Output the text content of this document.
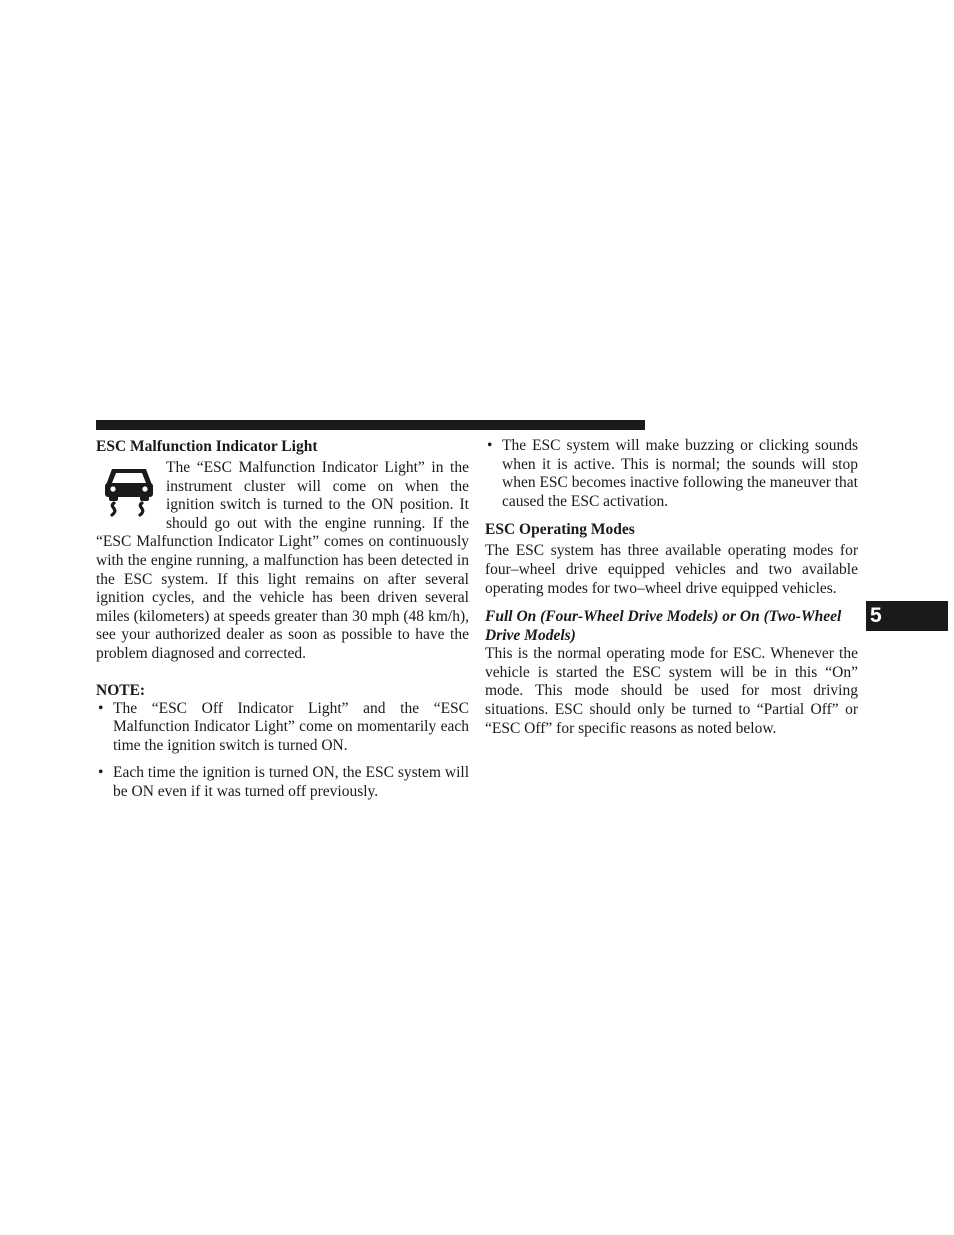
ESC Malfunction Indicator Light

The “ESC Malfunction Indicator Light” in the instrument cluster will come on when the ignition switch is turned to the ON position. It should go out with the engine running. If the “ESC Malfunction Indicator Light” comes on continuously with the engine running, a malfunction has been detected in the ESC system. If this light remains on after several ignition cycles, and the vehicle has been driven several miles (kilometers) at speeds greater than 30 mph (48 km/h), see your authorized dealer as soon as possible to have the problem diagnosed and corrected.

NOTE:
• The “ESC Off Indicator Light” and the “ESC Malfunction Indicator Light” come on momentarily each time the ignition switch is turned ON.
• Each time the ignition is turned ON, the ESC system will be ON even if it was turned off previously.
• The ESC system will make buzzing or clicking sounds when it is active. This is normal; the sounds will stop when ESC becomes inactive following the maneuver that caused the ESC activation.
ESC Operating Modes

The ESC system has three available operating modes for four–wheel drive equipped vehicles and two available operating modes for two–wheel drive equipped vehicles.

Full On (Four-Wheel Drive Models) or On (Two-Wheel Drive Models)

This is the normal operating mode for ESC. Whenever the vehicle is started the ESC system will be in this “On” mode. This mode should be used for most driving situations. ESC should only be turned to “Partial Off” or “ESC Off” for specific reasons as noted below.

5
